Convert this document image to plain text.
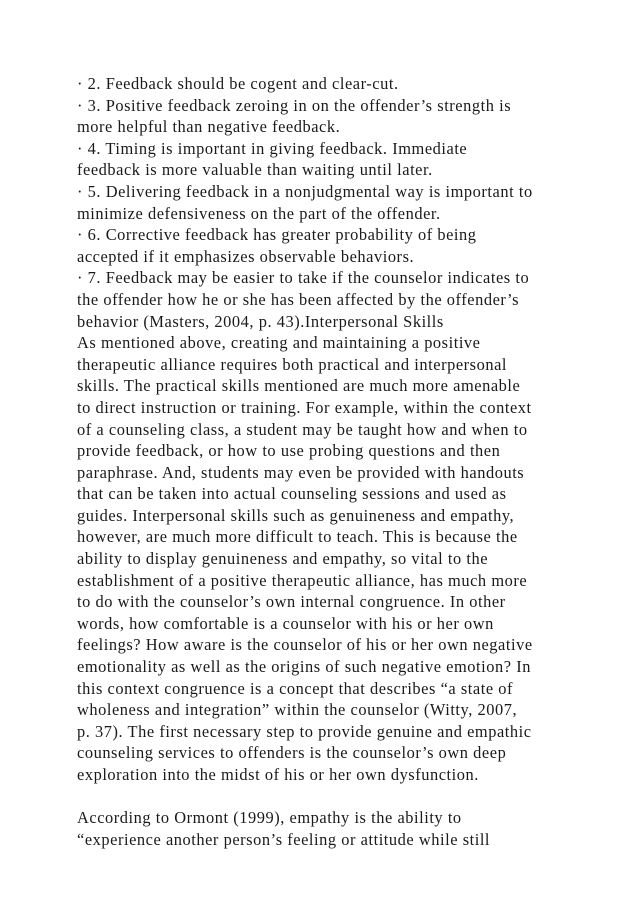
· 2. Feedback should be cogent and clear-cut.
· 3. Positive feedback zeroing in on the offender’s strength is
more helpful than negative feedback.
· 4. Timing is important in giving feedback. Immediate
feedback is more valuable than waiting until later.
· 5. Delivering feedback in a nonjudgmental way is important to
minimize defensiveness on the part of the offender.
· 6. Corrective feedback has greater probability of being
accepted if it emphasizes observable behaviors.
· 7. Feedback may be easier to take if the counselor indicates to
the offender how he or she has been affected by the offender’s
behavior (Masters, 2004, p. 43).Interpersonal Skills
As mentioned above, creating and maintaining a positive
therapeutic alliance requires both practical and interpersonal
skills. The practical skills mentioned are much more amenable
to direct instruction or training. For example, within the context
of a counseling class, a student may be taught how and when to
provide feedback, or how to use probing questions and then
paraphrase. And, students may even be provided with handouts
that can be taken into actual counseling sessions and used as
guides. Interpersonal skills such as genuineness and empathy,
however, are much more difficult to teach. This is because the
ability to display genuineness and empathy, so vital to the
establishment of a positive therapeutic alliance, has much more
to do with the counselor’s own internal congruence. In other
words, how comfortable is a counselor with his or her own
feelings? How aware is the counselor of his or her own negative
emotionality as well as the origins of such negative emotion? In
this context congruence is a concept that describes “a state of
wholeness and integration” within the counselor (Witty, 2007,
p. 37). The first necessary step to provide genuine and empathic
counseling services to offenders is the counselor’s own deep
exploration into the midst of his or her own dysfunction.
According to Ormont (1999), empathy is the ability to
“experience another person’s feeling or attitude while still
